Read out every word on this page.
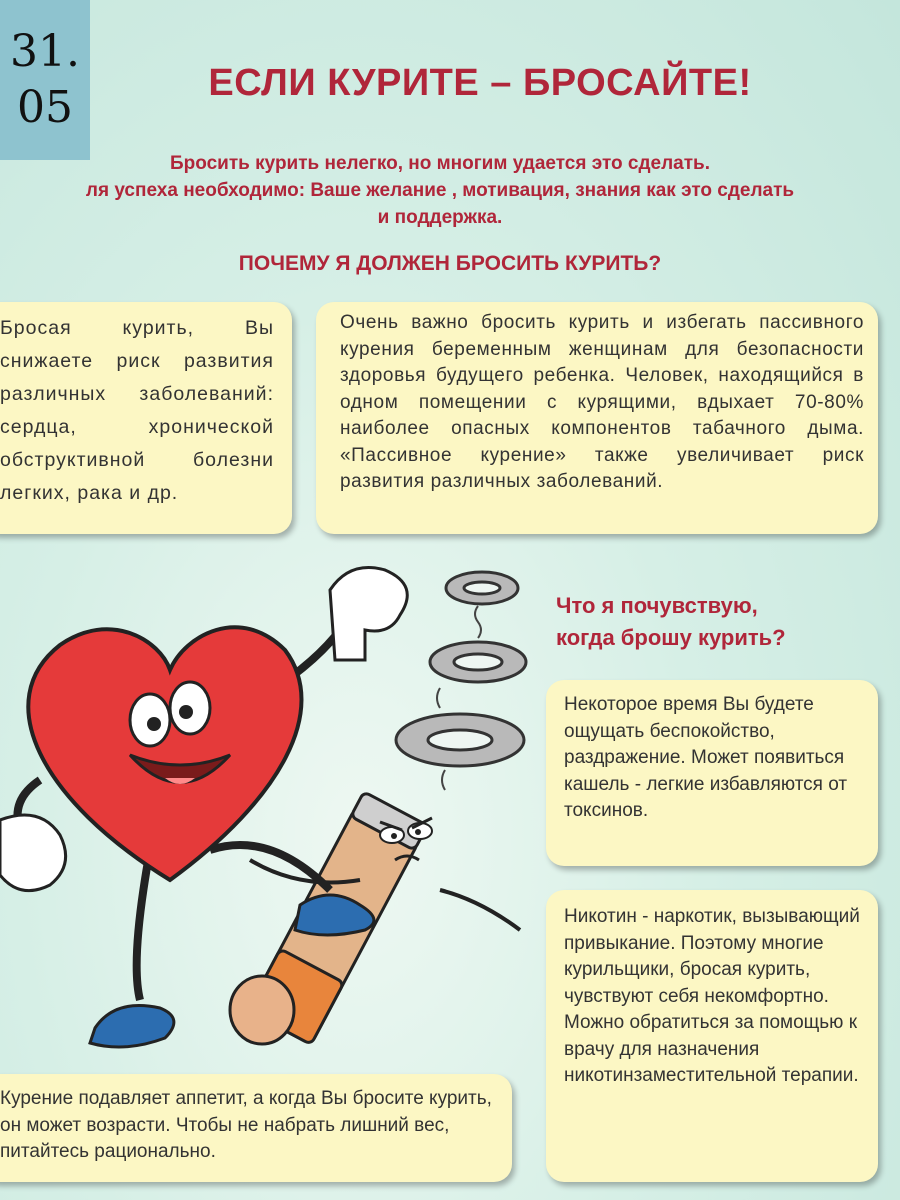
31.
05	ЕСЛИ КУРИТЕ – БРОСАЙТЕ!
Бросить курить нелегко, но многим удается это сделать.
ля успеха необходимо: Ваше желание , мотивация, знания как это сделать
и поддержка.
ПОЧЕМУ Я ДОЛЖЕН БРОСИТЬ КУРИТЬ?

Бросая курить, Вы снижаете риск развития различных заболеваний: сердца, хронической обструктивной болезни легких, рака и др.

Очень важно бросить курить и избегать пассивного курения беременным женщинам для безопасности здоровья будущего ребенка. Человек, находящийся в одном помещении с курящими, вдыхает 70-80% наиболее опасных компонентов табачного дыма. «Пассивное курение» также увеличивает риск развития различных заболеваний.

Что я почувствую,
когда брошу курить?

Некоторое время Вы будете ощущать беспокойство, раздражение. Может появиться кашель - легкие избавляются от токсинов.

Никотин - наркотик, вызывающий привыкание. Поэтому многие курильщики, бросая курить, чувствуют себя некомфортно. Можно обратиться за помощью к врачу для назначения никотинзаместительной терапии.

Курение подавляет аппетит, а когда Вы бросите курить, он может возрасти. Чтобы не набрать лишний вес, питайтесь рационально.
